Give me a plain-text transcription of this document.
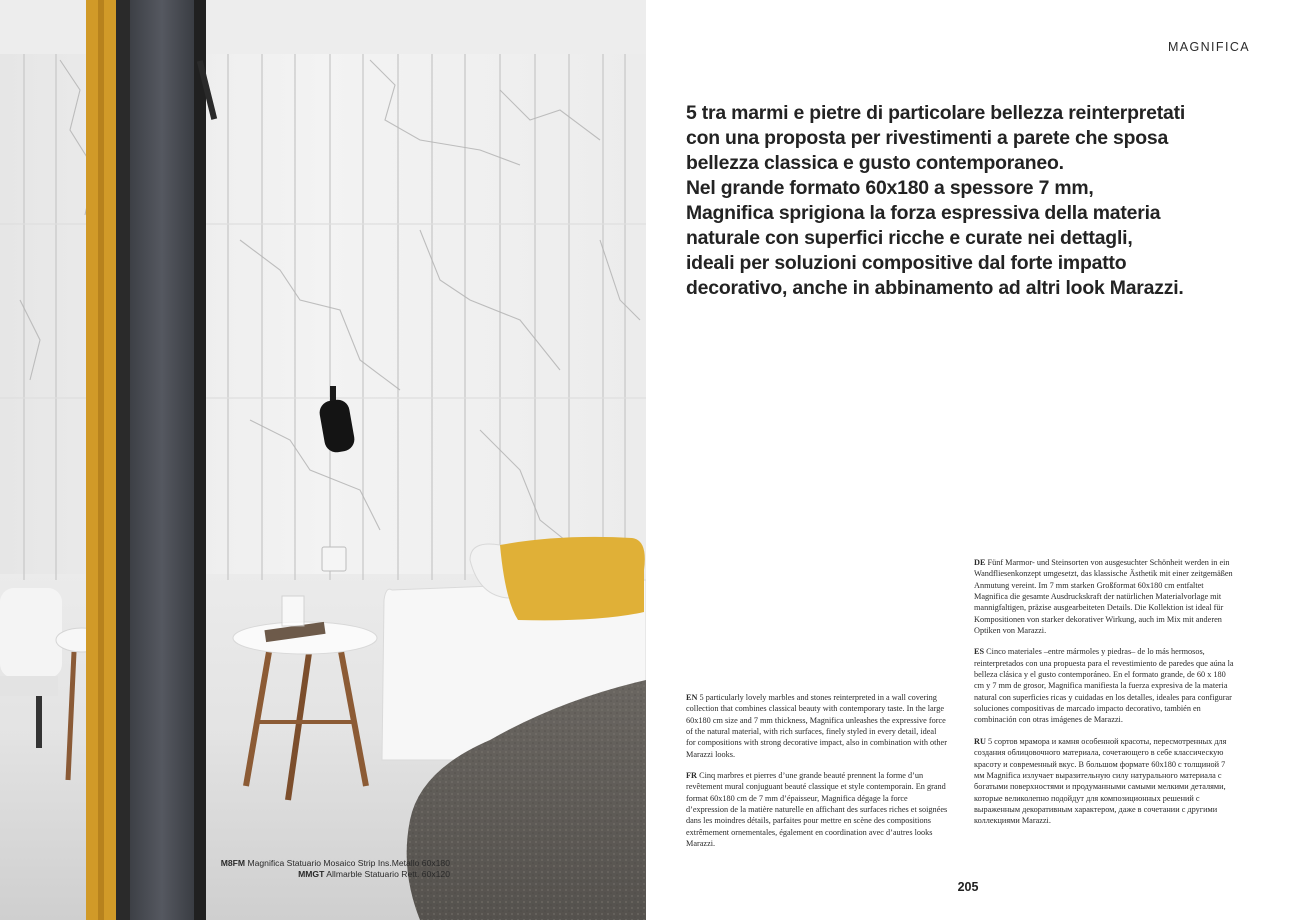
M8FM Magnifica Statuario Mosaico Strip Ins.Metallo 60x180
MMGT Allmarble Statuario Rett. 60x120
MAGNIFICA

5 tra marmi e pietre di particolare bellezza reinterpretati con una proposta per rivestimenti a parete che sposa bellezza classica e gusto contemporaneo.

Nel grande formato 60x180 a spessore 7 mm, Magnifica sprigiona la forza espressiva della materia naturale con superfici ricche e curate nei dettagli, ideali per soluzioni compositive dal forte impatto decorativo, anche in abbinamento ad altri look Marazzi.

EN 5 particularly lovely marbles and stones reinterpreted in a wall covering collection that combines classical beauty with contemporary taste. In the large 60x180 cm size and 7 mm thickness, Magnifica unleashes the expressive force of the natural material, with rich surfaces, finely styled in every detail, ideal for compositions with strong decorative impact, also in combination with other Marazzi looks.

FR Cinq marbres et pierres d’une grande beauté prennent la forme d’un revêtement mural conjuguant beauté classique et style contemporain. En grand format 60x180 cm de 7 mm d’épaisseur, Magnifica dégage la force d’expression de la matière naturelle en affichant des surfaces riches et soignées dans les moindres détails, parfaites pour mettre en scène des compositions extrêmement ornementales, également en coordination avec d’autres looks Marazzi.

DE Fünf Marmor- und Steinsorten von ausgesuchter Schönheit werden in ein Wandfliesenkonzept umgesetzt, das klassische Ästhetik mit einer zeitgemäßen Anmutung vereint. Im 7 mm starken Großformat 60x180 cm entfaltet Magnifica die gesamte Ausdruckskraft der natürlichen Materialvorlage mit mannigfaltigen, präzise ausgearbeiteten Details. Die Kollektion ist ideal für Kompositionen von starker dekorativer Wirkung, auch im Mix mit anderen Optiken von Marazzi.

ES Cinco materiales –entre mármoles y piedras– de lo más hermosos, reinterpretados con una propuesta para el revestimiento de paredes que aúna la belleza clásica y el gusto contemporáneo. En el formato grande, de 60 x 180 cm y 7 mm de grosor, Magnifica manifiesta la fuerza expresiva de la materia natural con superficies ricas y cuidadas en los detalles, ideales para configurar soluciones compositivas de marcado impacto decorativo, también en combinación con otras imágenes de Marazzi.

RU 5 сортов мрамора и камня особенной красоты, пересмотренных для создания облицовочного материала, сочетающего в себе классическую красоту и современный вкус. В большом формате 60x180 с толщиной 7 мм Magnifica излучает выразительную силу натурального материала с богатыми поверхностями и продуманными самыми мелкими деталями, которые великолепно подойдут для композиционных решений с выраженным декоративным характером, даже в сочетании с другими коллекциями Marazzi.

205
